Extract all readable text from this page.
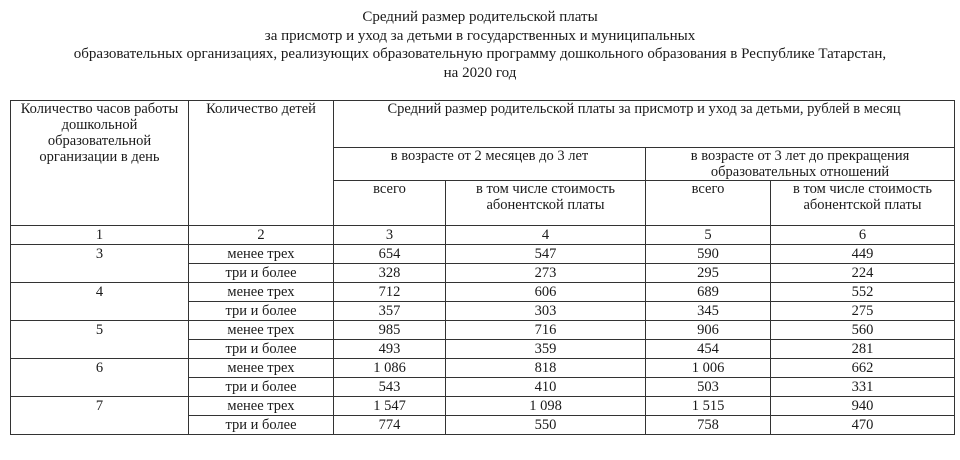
Средний размер родительской платы
за присмотр и уход за детьми в государственных и муниципальных
образовательных организациях, реализующих образовательную программу дошкольного образования в Республике Татарстан,
на 2020 год
Количество часов работы дошкольной образовательной организации в день	Количество детей	Средний размер родительской платы за присмотр и уход за детьми, рублей в месяц			
		в возрасте от 2 месяцев до 3 лет		в возрасте от 3 лет до прекращения образовательных отношений	
		всего	в том числе стоимость абонентской платы	всего	в том числе стоимость абонентской платы
1	2	3	4	5	6
3	менее трех	654	547	590	449
	три и более	328	273	295	224
4	менее трех	712	606	689	552
	три и более	357	303	345	275
5	менее трех	985	716	906	560
	три и более	493	359	454	281
6	менее трех	1 086	818	1 006	662
	три и более	543	410	503	331
7	менее трех	1 547	1 098	1 515	940
	три и более	774	550	758	470
